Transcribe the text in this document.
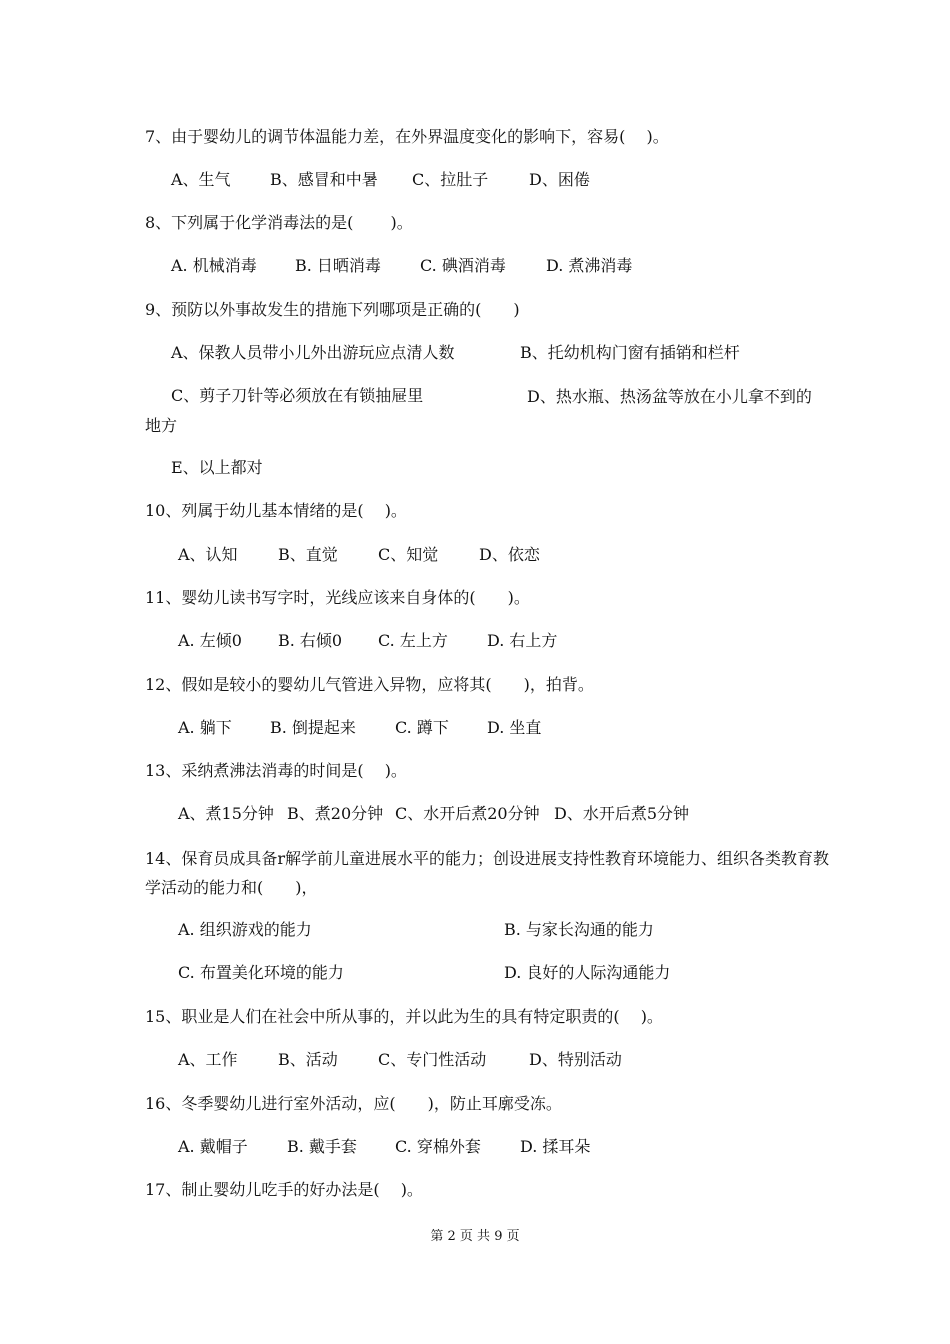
7、由于婴幼儿的调节体温能力差，在外界温度变化的影响下，容易(　 )。
A、生气 B、感冒和中暑 C、拉肚子	D、困倦
8、下列属于化学消毒法的是(　　 )。
A. 机械消毒 B. 日晒消毒 C. 碘酒消毒	D. 煮沸消毒
9、预防以外事故发生的措施下列哪项是正确的(　　)
A、保教人员带小儿外出游玩应点清人数	B、托幼机构门窗有插销和栏杆
C、剪子刀针等必须放在有锁抽屉里	D、热水瓶、热汤盆等放在小儿拿不到的地方
E、以上都对
10、列属于幼儿基本情绪的是(　 )。
A、认知	B、直觉	C、知觉	D、依恋
11、婴幼儿读书写字时，光线应该来自身体的(　　)。
A. 左倾0 B. 右倾0 C. 左上方 D. 右上方
12、假如是较小的婴幼儿气管进入异物，应将其(　　)，拍背。
A. 躺下 B. 倒提起来 C. 蹲下 D. 坐直
13、采纳煮沸法消毒的时间是(　 )。
A、煮15分钟 B、煮20分钟 C、水开后煮20分钟 D、水开后煮5分钟
14、保育员成具备r解学前儿童进展水平的能力；创设进展支持性教育环境能力、组织各类教育教学活动的能力和(　　)，
A. 组织游戏的能力	B. 与家长沟通的能力
C. 布置美化环境的能力	D. 良好的人际沟通能力
15、职业是人们在社会中所从事的，并以此为生的具有特定职责的(　 )。
A、工作	B、活动	C、专门性活动	D、特别活动
16、冬季婴幼儿进行室外活动，应(　　)，防止耳廓受冻。
A. 戴帽子 B. 戴手套 C. 穿棉外套 D. 揉耳朵
17、制止婴幼儿吃手的好办法是(　 )。
第 2 页 共 9 页
